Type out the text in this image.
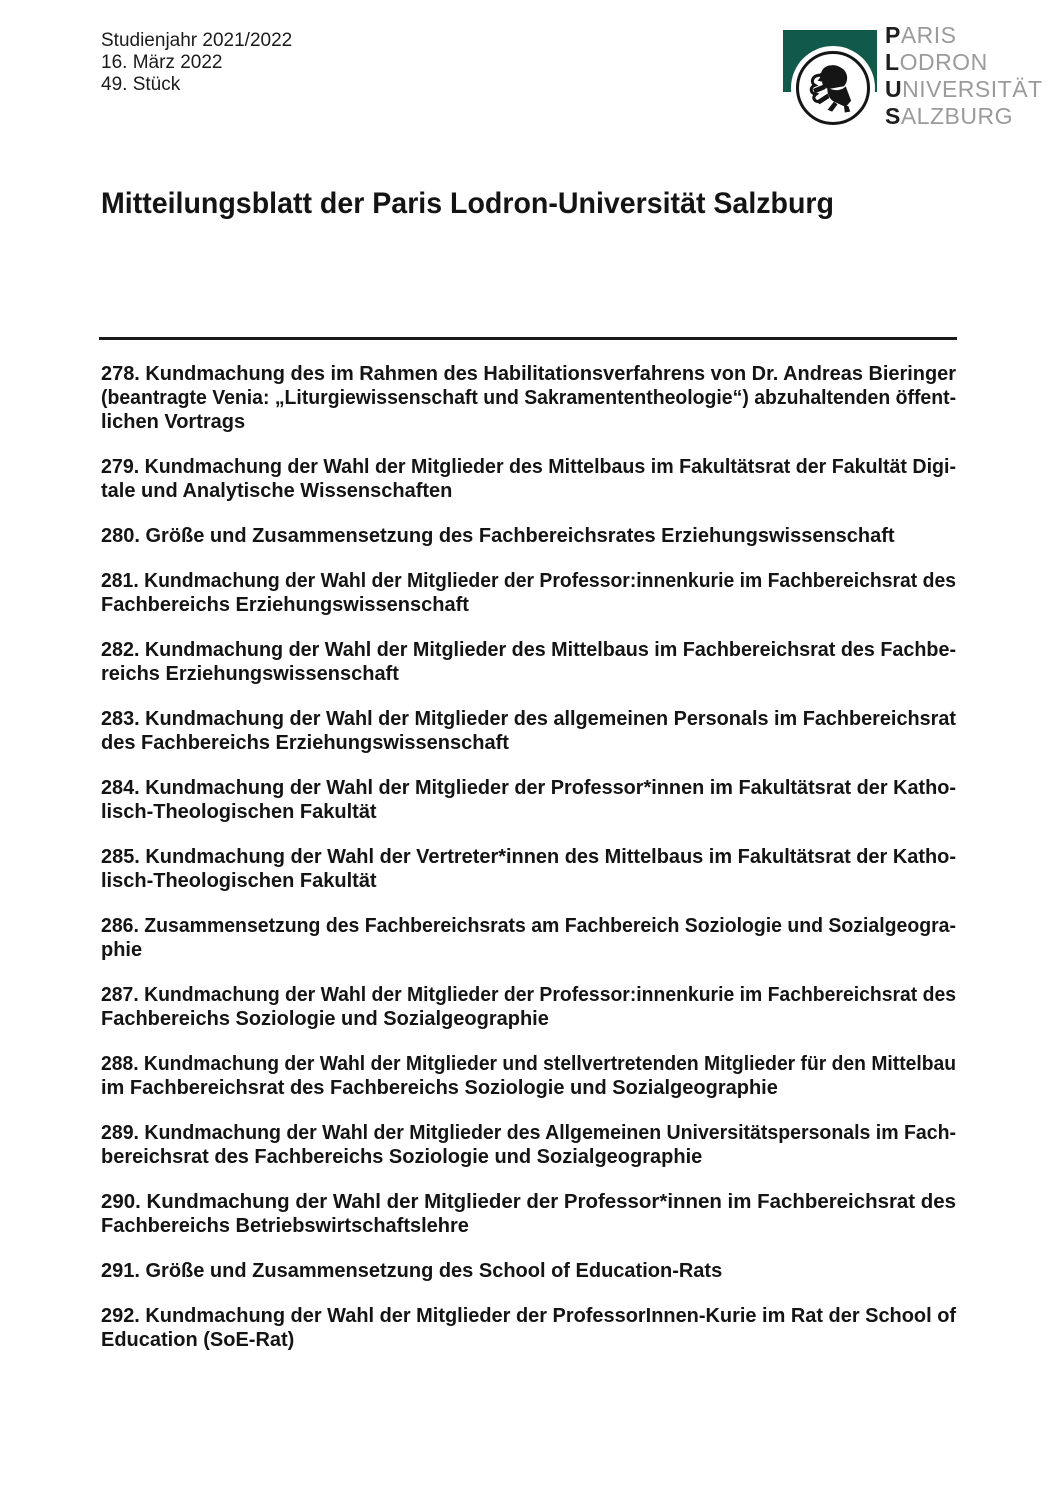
Studienjahr 2021/2022
16. März 2022
49. Stück
PARIS
LODRON
UNIVERSITÄT
SALZBURG
Mitteilungsblatt der Paris Lodron-Universität Salzburg
278. Kundmachung des im Rahmen des Habilitationsverfahrens von Dr. Andreas Bieringer
(beantragte Venia: „Liturgiewissenschaft und Sakramententheologie“) abzuhaltenden öffent-
lichen Vortrags
279. Kundmachung der Wahl der Mitglieder des Mittelbaus im Fakultätsrat der Fakultät Digi-
tale und Analytische Wissenschaften
280. Größe und Zusammensetzung des Fachbereichsrates Erziehungswissenschaft
281. Kundmachung der Wahl der Mitglieder der Professor:innenkurie im Fachbereichsrat des
Fachbereichs Erziehungswissenschaft
282. Kundmachung der Wahl der Mitglieder des Mittelbaus im Fachbereichsrat des Fachbe-
reichs Erziehungswissenschaft
283. Kundmachung der Wahl der Mitglieder des allgemeinen Personals im Fachbereichsrat
des Fachbereichs Erziehungswissenschaft
284. Kundmachung der Wahl der Mitglieder der Professor*innen im Fakultätsrat der Katho-
lisch-Theologischen Fakultät
285. Kundmachung der Wahl der Vertreter*innen des Mittelbaus im Fakultätsrat der Katho-
lisch-Theologischen Fakultät
286. Zusammensetzung des Fachbereichsrats am Fachbereich Soziologie und Sozialgeogra-
phie
287. Kundmachung der Wahl der Mitglieder der Professor:innenkurie im Fachbereichsrat des
Fachbereichs Soziologie und Sozialgeographie
288. Kundmachung der Wahl der Mitglieder und stellvertretenden Mitglieder für den Mittelbau
im Fachbereichsrat des Fachbereichs Soziologie und Sozialgeographie
289. Kundmachung der Wahl der Mitglieder des Allgemeinen Universitätspersonals im Fach-
bereichsrat des Fachbereichs Soziologie und Sozialgeographie
290. Kundmachung der Wahl der Mitglieder der Professor*innen im Fachbereichsrat des
Fachbereichs Betriebswirtschaftslehre
291. Größe und Zusammensetzung des School of Education-Rats
292. Kundmachung der Wahl der Mitglieder der ProfessorInnen-Kurie im Rat der School of
Education (SoE-Rat)
